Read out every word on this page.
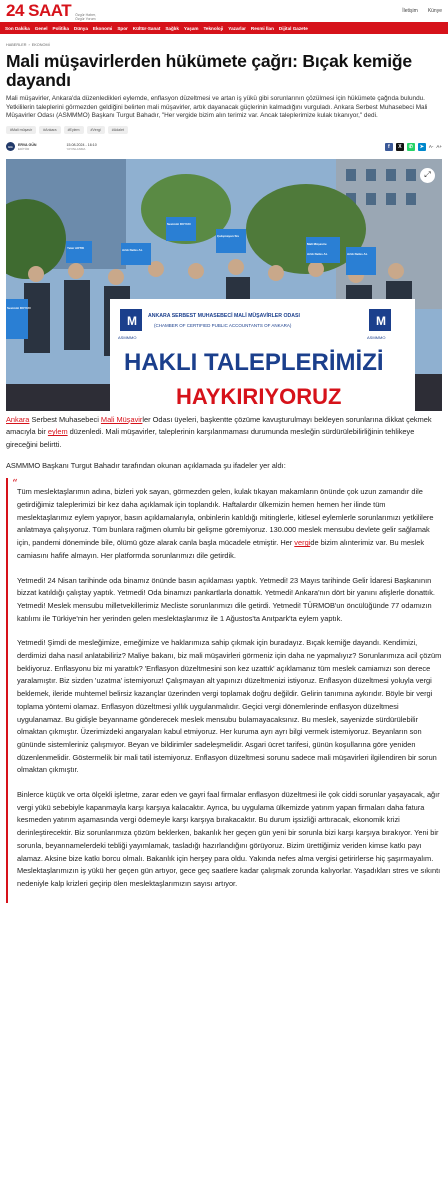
24 SAAT Özgür Haber, Özgür Yorum
İletişim Künye
Son Dakika Genel Politika Dünya Ekonomi Spor Kültür-Sanat Sağlık Yaşam Teknoloji Yazarlar Resmi İlan Dijital Gazete
HABERLER › EKONOMİ
Mali müşavirlerden hükümete çağrı: Bıçak kemiğe dayandı

Mali müşavirler, Ankara'da düzenledikleri eylemde, enflasyon düzeltmesi ve artan iş yükü gibi sorunlarının çözülmesi için hükümete çağrıda bulundu. Yetkililerin taleplerini görmezden geldiğini belirten mali müşavirler, artık dayanacak güçlerinin kalmadığını vurguladı. Ankara Serbest Muhasebeci Mali Müşavirler Odası (ASMMMO) Başkanı Turgut Bahadır, "Her vergide bizim alın terimiz var. Ancak taleplerimize kulak tıkanıyor," dedi.

#Mali müşavir	#Ankara	#Eylem	#Vergi	#Adalet
EG	ERVA GÜN
EDİTÖR
15.08.2024 - 16:10
YAYINLANMA	f	X	✆	➤	A- A+
M	M
ASMMMO	ASMMMO
ANKARA SERBEST MUHASEBECİ MALİ MÜŞAVİRLER ODASI
(CHAMBER OF CERTIFIED PUBLIC ACCOUNTANTS OF ANKARA)
HAKLI TALEPLERİMİZİ
HAYKIRIYORUZ
Artık Nefes AL
Yeter ARTIK
Sesimizi DUYUN
Çalışmayan Sis
Mali Müşavire
Artık Nefes AL
Sesimizi DUYUN
Artık Nefes AL
⤢

Ankara Serbest Muhasebeci Mali Müşavirler Odası üyeleri, başkentte çözüme kavuşturulmayı bekleyen sorunlarına dikkat çekmek amacıyla bir eylem düzenledi. Mali müşavirler, taleplerinin karşılanmaması durumunda mesleğin sürdürülebilirliğinin tehlikeye gireceğini belirtti.

ASMMMO Başkanı Turgut Bahadır tarafından okunan açıklamada şu ifadeler yer aldı:

“

Tüm meslektaşlarımın adına, bizleri yok sayan, görmezden gelen, kulak tıkayan makamların önünde çok uzun zamandır dile getirdiğimiz taleplerimizi bir kez daha açıklamak için toplandık. Haftalardır ülkemizin hemen hemen her ilinde tüm meslektaşlarımız eylem yapıyor, basın açıklamalarıyla, onbinlerin katıldığı mitinglerle, kitlesel eylemlerle sorunlarımızı yetkililere anlatmaya çalışıyoruz. Tüm bunlara rağmen olumlu bir gelişme göremiyoruz. 130.000 meslek mensubu devlete gelir sağlamak için, pandemi döneminde bile, ölümü göze alarak canla başla mücadele etmiştir. Her vergide bizim alınterimiz var. Bu meslek camiasını hafife almayın. Her platformda sorunlarımızı dile getirdik.

Yetmedi! 24 Nisan tarihinde oda binamız önünde basın açıklaması yaptık. Yetmedi! 23 Mayıs tarihinde Gelir İdaresi Başkanının bizzat katıldığı çalıştay yaptık. Yetmedi! Oda binamızı pankartlarla donattık. Yetmedi! Ankara'nın dört bir yanını afişlerle donattık. Yetmedi! Meslek mensubu milletvekillerimiz Mecliste sorunlarımızı dile getirdi. Yetmedi! TÜRMOB'un öncülüğünde 77 odamızın katılımı ile Türkiye'nin her yerinden gelen meslektaşlarımız ile 1 Ağustos'ta Anıtpark'ta eylem yaptık.

Yetmedi! Şimdi de mesleğimize, emeğimize ve haklarımıza sahip çıkmak için buradayız. Bıçak kemiğe dayandı. Kendimizi, derdimizi daha nasıl anlatabiliriz? Maliye bakanı, biz mali müşavirleri görmeniz için daha ne yapmalıyız? Sorunlarımıza acil çözüm bekliyoruz. Enflasyonu biz mi yarattık? 'Enflasyon düzeltmesini son kez uzattık' açıklamanız tüm meslek camiamızı son derece yaralamıştır. Biz sizden 'uzatma' istemiyoruz! Çalışmayan alt yapınızı düzeltmenizi istiyoruz. Enflasyon düzeltmesi yoluyla vergi beklemek, ileride muhtemel belirsiz kazançlar üzerinden vergi toplamak doğru değildir. Gelirin tanımına aykırıdır. Böyle bir vergi toplama yöntemi olamaz. Enflasyon düzeltmesi yıllık uygulanmalıdır. Geçici vergi dönemlerinde enflasyon düzeltmesi uygulanamaz. Bu gidişle beyanname gönderecek meslek mensubu bulamayacaksınız. Bu meslek, sayenizde sürdürülebilir olmaktan çıkmıştır. Üzerimizdeki angaryaları kabul etmiyoruz. Her kuruma ayrı ayrı bilgi vermek istemiyoruz. Beyanların son gününde sistemleriniz çalışmıyor. Beyan ve bildirimler sadeleşmelidir. Asgari ücret tarifesi, günün koşullarına göre yeniden düzenlenmelidir. Göstermelik bir mali tatil istemiyoruz. Enflasyon düzeltmesi sorunu sadece mali müşavirleri ilgilendiren bir sorun olmaktan çıkmıştır.

Binlerce küçük ve orta ölçekli işletme, zarar eden ve gayri faal firmalar enflasyon düzeltmesi ile çok ciddi sorunlar yaşayacak, ağır vergi yükü sebebiyle kapanmayla karşı karşıya kalacaktır. Ayrıca, bu uygulama ülkemizde yatırım yapan firmaları daha fatura kesmeden yatırım aşamasında vergi ödemeyle karşı karşıya bırakacaktır. Bu durum işsizliği arttıracak, ekonomik krizi derinleştirecektir. Biz sorunlarımıza çözüm beklerken, bakanlık her geçen gün yeni bir sorunla bizi karşı karşıya bırakıyor. Yeni bir sorunla, beyannamelerdeki tebliği yayımlamak, tasladığı hazırlandığını görüyoruz. Bizim ürettiğimiz veriden kimse katkı payı alamaz. Aksine bize katkı borcu olmalı. Bakanlık için herşey para oldu. Yakında nefes alma vergisi getirirlerse hiç şaşırmayalım. Meslektaşlarımızın iş yükü her geçen gün artıyor, gece geç saatlere kadar çalışmak zorunda kalıyorlar. Yaşadıkları stres ve sıkıntı nedeniyle kalp krizleri geçirip ölen meslektaşlarımızın sayısı artıyor.
